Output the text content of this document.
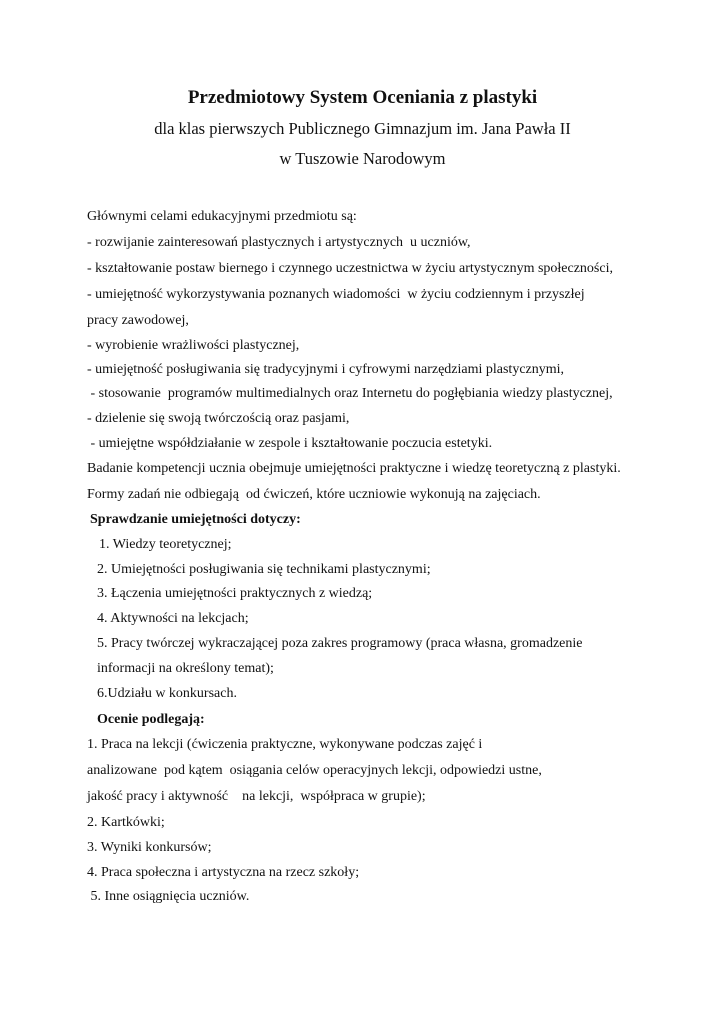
Przedmiotowy System Oceniania z plastyki
dla klas pierwszych Publicznego Gimnazjum im. Jana Pawła II
w Tuszowie Narodowym
Głównymi celami edukacyjnymi przedmiotu są:
- rozwijanie zainteresowań plastycznych i artystycznych  u uczniów,
- kształtowanie postaw biernego i czynnego uczestnictwa w życiu artystycznym społeczności,
- umiejętność wykorzystywania poznanych wiadomości  w życiu codziennym i przyszłej
pracy zawodowej,
- wyrobienie wrażliwości plastycznej,
- umiejętność posługiwania się tradycyjnymi i cyfrowymi narzędziami plastycznymi,
- stosowanie  programów multimedialnych oraz Internetu do pogłębiania wiedzy plastycznej,
- dzielenie się swoją twórczością oraz pasjami,
- umiejętne współdziałanie w zespole i kształtowanie poczucia estetyki.
Badanie kompetencji ucznia obejmuje umiejętności praktyczne i wiedzę teoretyczną z plastyki.
Formy zadań nie odbiegają  od ćwiczeń, które uczniowie wykonują na zajęciach.
Sprawdzanie umiejętności dotyczy:
1. Wiedzy teoretycznej;
2. Umiejętności posługiwania się technikami plastycznymi;
3. Łączenia umiejętności praktycznych z wiedzą;
4. Aktywności na lekcjach;
5. Pracy twórczej wykraczającej poza zakres programowy (praca własna, gromadzenie
informacji na określony temat);
6.Udziału w konkursach.
Ocenie podlegają:
1. Praca na lekcji (ćwiczenia praktyczne, wykonywane podczas zajęć i
analizowane  pod kątem  osiągania celów operacyjnych lekcji, odpowiedzi ustne,
jakość pracy i aktywność    na lekcji,  współpraca w grupie);
2. Kartkówki;
3. Wyniki konkursów;
4. Praca społeczna i artystyczna na rzecz szkoły;
5. Inne osiągnięcia uczniów.
